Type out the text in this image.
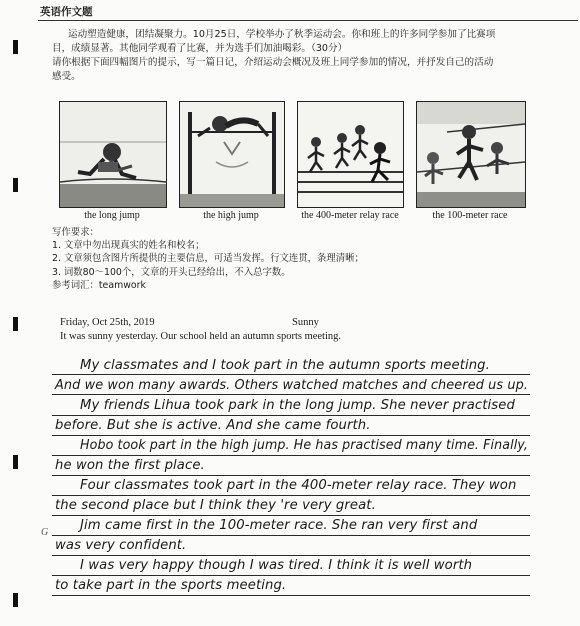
英语作文题
运动塑造健康，团结凝聚力。10月25日，学校举办了秋季运动会。你和班上的许多同学参加了比赛项
目，成绩显著。其他同学观看了比赛，并为选手们加油喝彩。（30分）
请你根据下面四幅图片的提示，写一篇日记，介绍运动会概况及班上同学参加的情况，并抒发自己的活动
感受。
the long jump	the high jump	the 400-meter relay race	the 100-meter race
写作要求：
1. 文章中勿出现真实的姓名和校名；
2. 文章须包含图片所提供的主要信息，可适当发挥。行文连贯，条理清晰；
3. 词数80～100个，文章的开头已经给出，不入总字数。
参考词汇：teamwork
Friday, Oct 25th, 2019	Sunny
It was sunny yesterday. Our school held an autumn sports meeting.
My classmates and I took part in the autumn sports meeting.
And we won many awards. Others watched matches and cheered us up.
My friends Lihua took park in the long jump. She never practised
before. But she is active. And she came fourth.
Hobo took part in the high jump. He has practised many time. Finally,
he won the first place.
Four classmates took part in the 400-meter relay race. They won
the second place but I think they 're very great.
Jim came first in the 100-meter race. She ran very first and
was very confident.
I was very happy though I was tired. I think it is well worth
to take part in the sports meeting.
G
